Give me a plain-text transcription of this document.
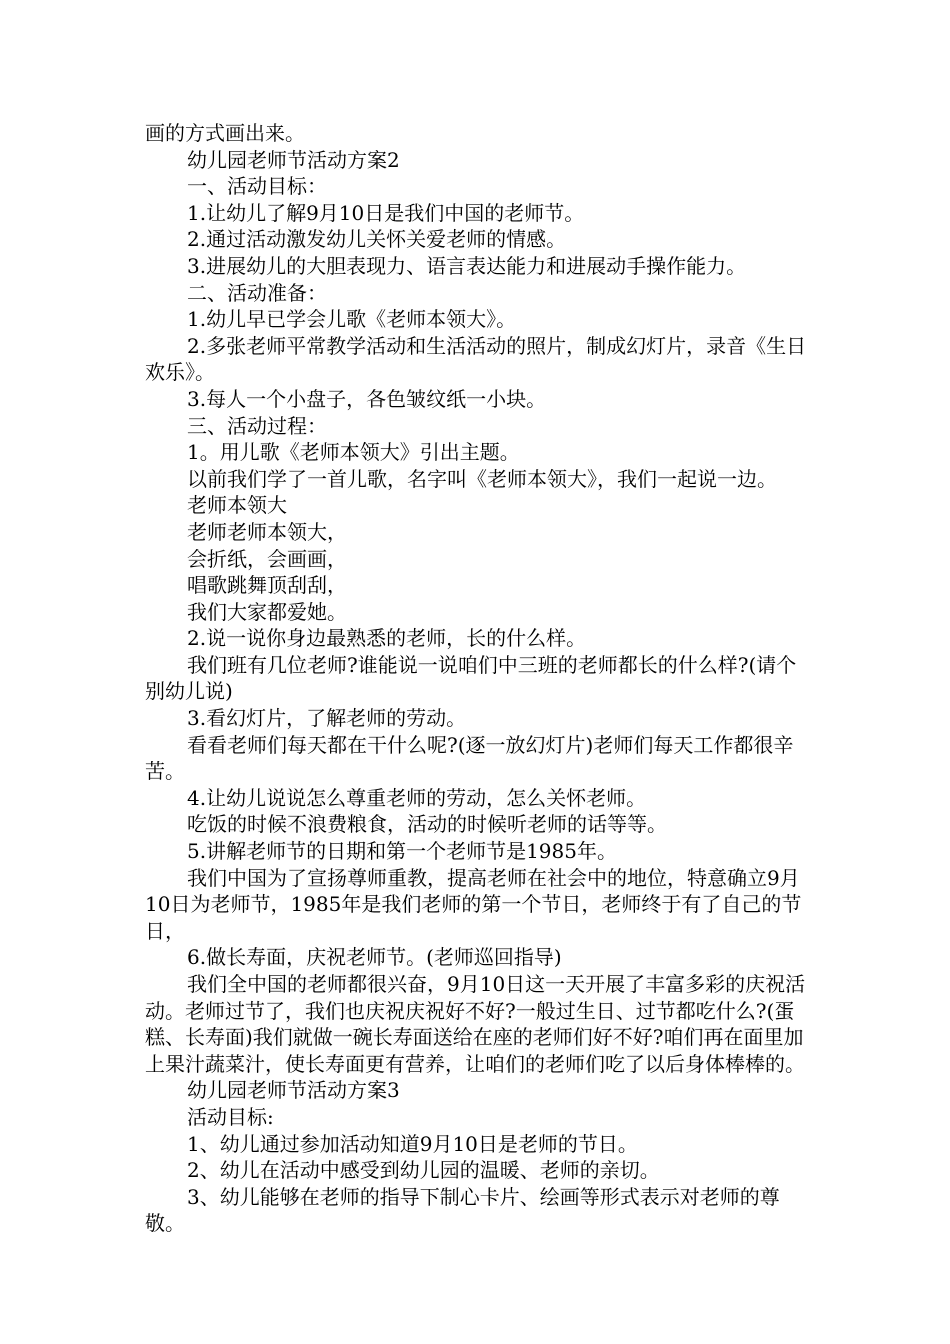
画的方式画出来。

幼儿园老师节活动方案2

一、活动目标：

1.让幼儿了解9月10日是我们中国的老师节。

2.通过活动激发幼儿关怀关爱老师的情感。

3.进展幼儿的大胆表现力、语言表达能力和进展动手操作能力。

二、活动准备：

1.幼儿早已学会儿歌《老师本领大》。

2.多张老师平常教学活动和生活活动的照片，制成幻灯片，录音《生日欢乐》。

3.每人一个小盘子，各色皱纹纸一小块。

三、活动过程：

1。用儿歌《老师本领大》引出主题。

以前我们学了一首儿歌，名字叫《老师本领大》，我们一起说一边。

老师本领大

老师老师本领大，

会折纸，会画画，

唱歌跳舞顶刮刮，

我们大家都爱她。

2.说一说你身边最熟悉的老师，长的什么样。

我们班有几位老师?谁能说一说咱们中三班的老师都长的什么样?(请个别幼儿说)

3.看幻灯片，了解老师的劳动。

看看老师们每天都在干什么呢?(逐一放幻灯片)老师们每天工作都很辛苦。

4.让幼儿说说怎么尊重老师的劳动，怎么关怀老师。

吃饭的时候不浪费粮食，活动的时候听老师的话等等。

5.讲解老师节的日期和第一个老师节是1985年。

我们中国为了宣扬尊师重教，提高老师在社会中的地位，特意确立9月10日为老师节，1985年是我们老师的第一个节日，老师终于有了自己的节日，

6.做长寿面，庆祝老师节。(老师巡回指导)

我们全中国的老师都很兴奋，9月10日这一天开展了丰富多彩的庆祝活动。老师过节了，我们也庆祝庆祝好不好?一般过生日、过节都吃什么?(蛋糕、长寿面)我们就做一碗长寿面送给在座的老师们好不好?咱们再在面里加上果汁蔬菜汁，使长寿面更有营养，让咱们的老师们吃了以后身体棒棒的。

幼儿园老师节活动方案3

活动目标:

1、幼儿通过参加活动知道9月10日是老师的节日。

2、幼儿在活动中感受到幼儿园的温暖、老师的亲切。

3、幼儿能够在老师的指导下制心卡片、绘画等形式表示对老师的尊敬。
